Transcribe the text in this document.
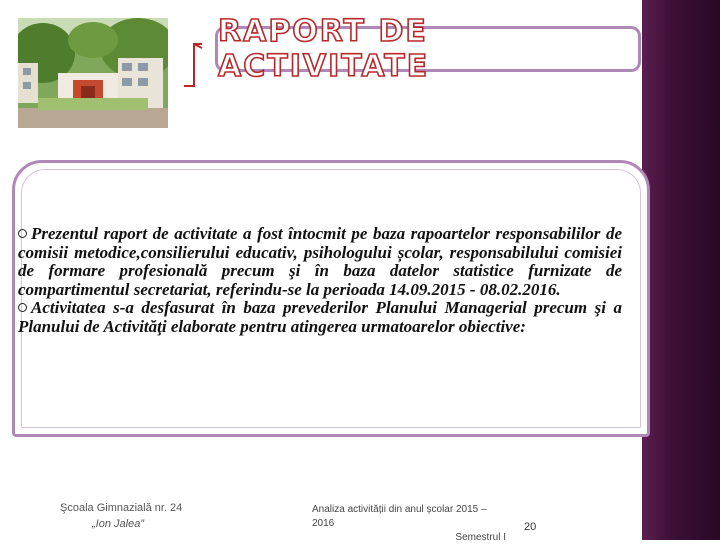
RAPORT DE ACTIVITATE

Prezentul raport de activitate a fost întocmit pe baza rapoartelor responsabililor de comisii metodice,consilierului educativ, psihologului școlar, responsabilului comisiei de formare profesională precum şi în baza datelor statistice furnizate de compartimentul secretariat, referindu-se la perioada 14.09.2015 - 08.02.2016.

Activitatea s-a desfasurat în baza prevederilor Planului Managerial precum şi a Planului de Activităţi elaborate pentru atingerea urmatoarelor obiective:

Şcoala Gimnazială nr. 24
„Ion Jalea”
Analiza activității din anul școlar 2015 – 2016
Semestrul I
20
